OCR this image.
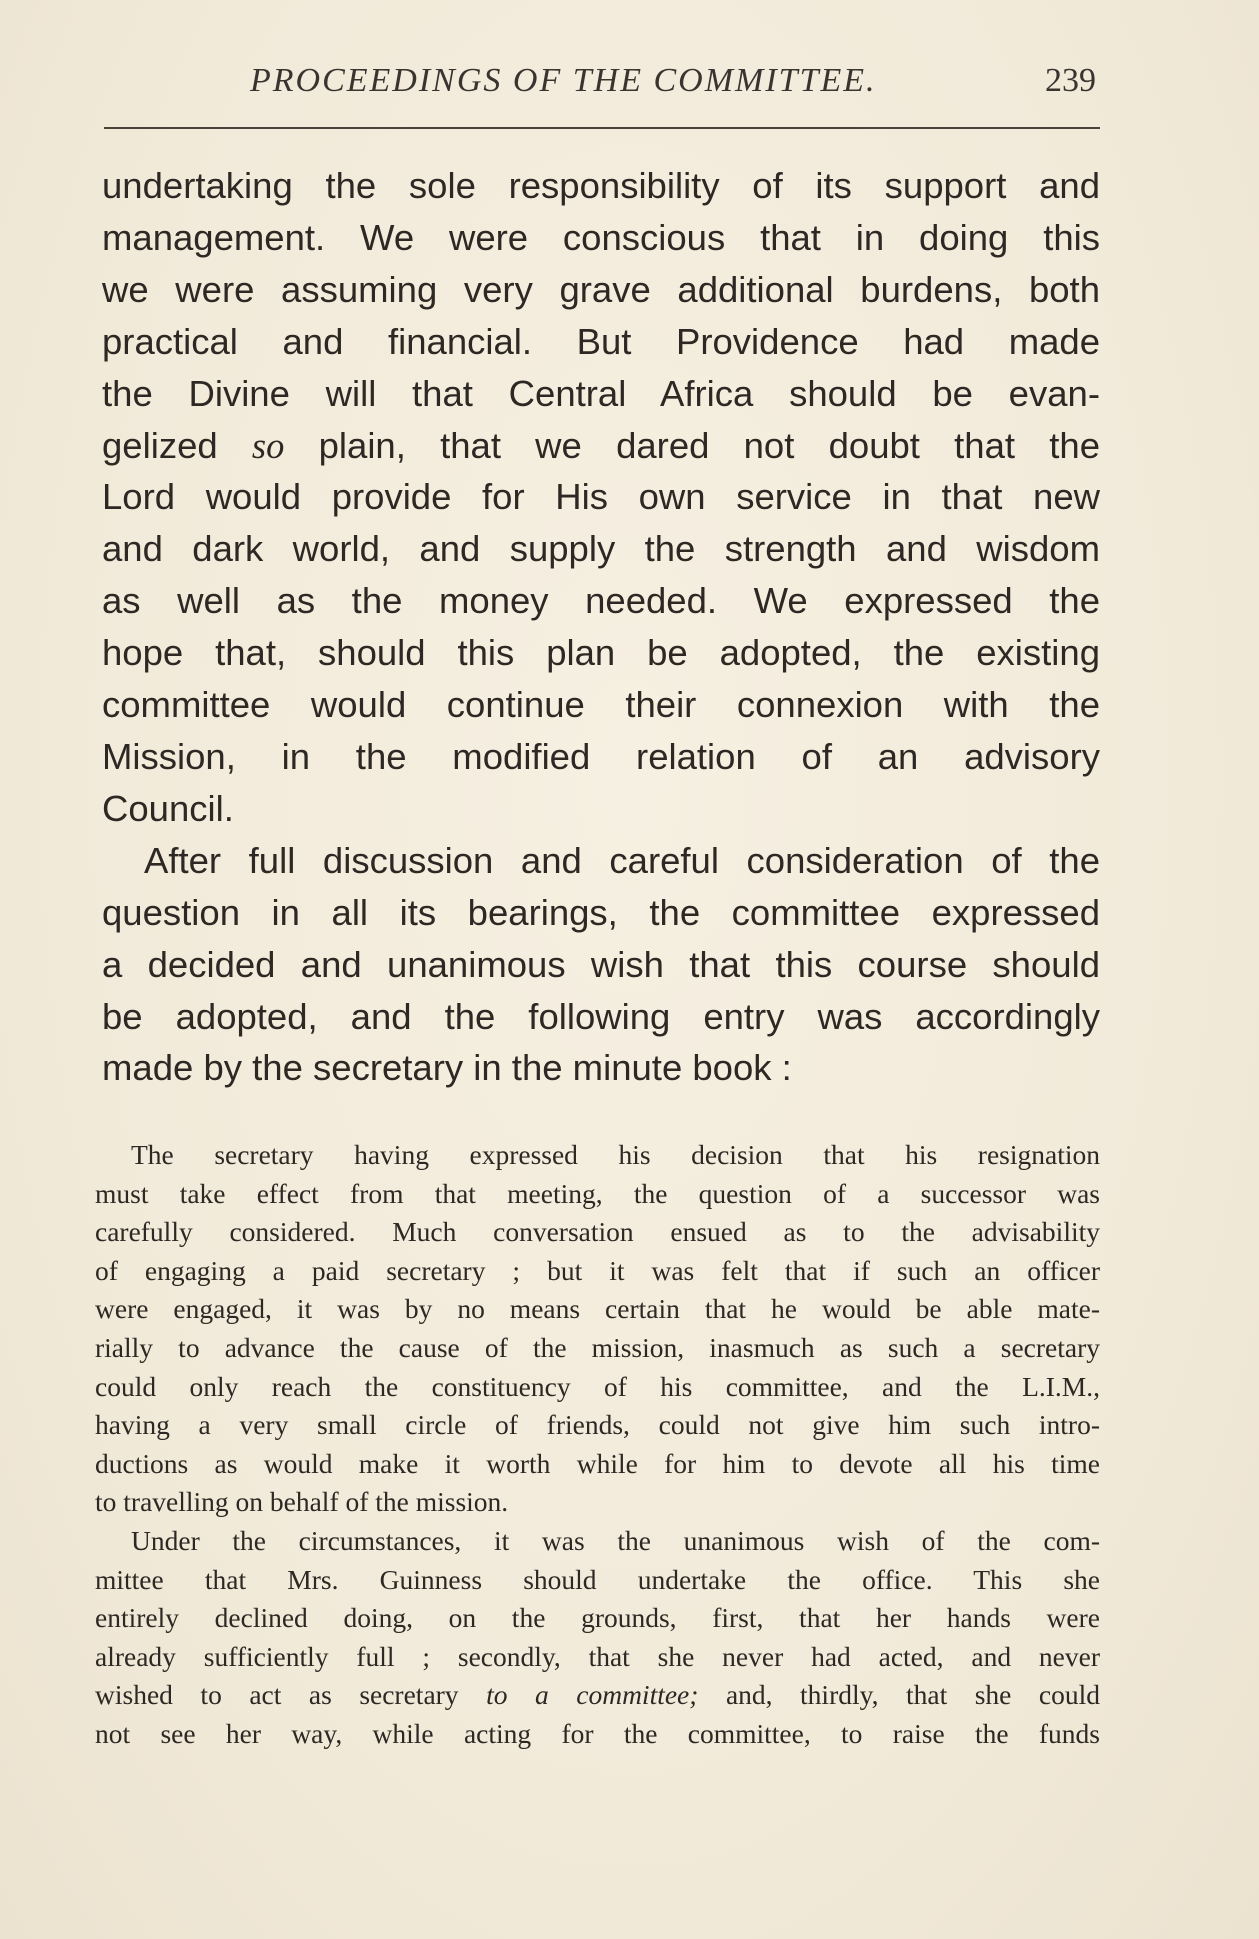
PROCEEDINGS OF THE COMMITTEE.	239

undertaking the sole responsibility of its support and
management. We were conscious that in doing this
we were assuming very grave additional burdens, both
practical and financial. But Providence had made
the Divine will that Central Africa should be evan-
gelized so plain, that we dared not doubt that the
Lord would provide for His own service in that new
and dark world, and supply the strength and wisdom
as well as the money needed. We expressed the
hope that, should this plan be adopted, the existing
committee would continue their connexion with the
Mission, in the modified relation of an advisory
Council.

After full discussion and careful consideration of the
question in all its bearings, the committee expressed
a decided and unanimous wish that this course should
be adopted, and the following entry was accordingly
made by the secretary in the minute book :

The secretary having expressed his decision that his resignation
must take effect from that meeting, the question of a successor was
carefully considered. Much conversation ensued as to the advisability
of engaging a paid secretary ; but it was felt that if such an officer
were engaged, it was by no means certain that he would be able mate-
rially to advance the cause of the mission, inasmuch as such a secretary
could only reach the constituency of his committee, and the L.I.M.,
having a very small circle of friends, could not give him such intro-
ductions as would make it worth while for him to devote all his time
to travelling on behalf of the mission.

Under the circumstances, it was the unanimous wish of the com-
mittee that Mrs. Guinness should undertake the office. This she
entirely declined doing, on the grounds, first, that her hands were
already sufficiently full ; secondly, that she never had acted, and never
wished to act as secretary to a committee; and, thirdly, that she could
not see her way, while acting for the committee, to raise the funds
